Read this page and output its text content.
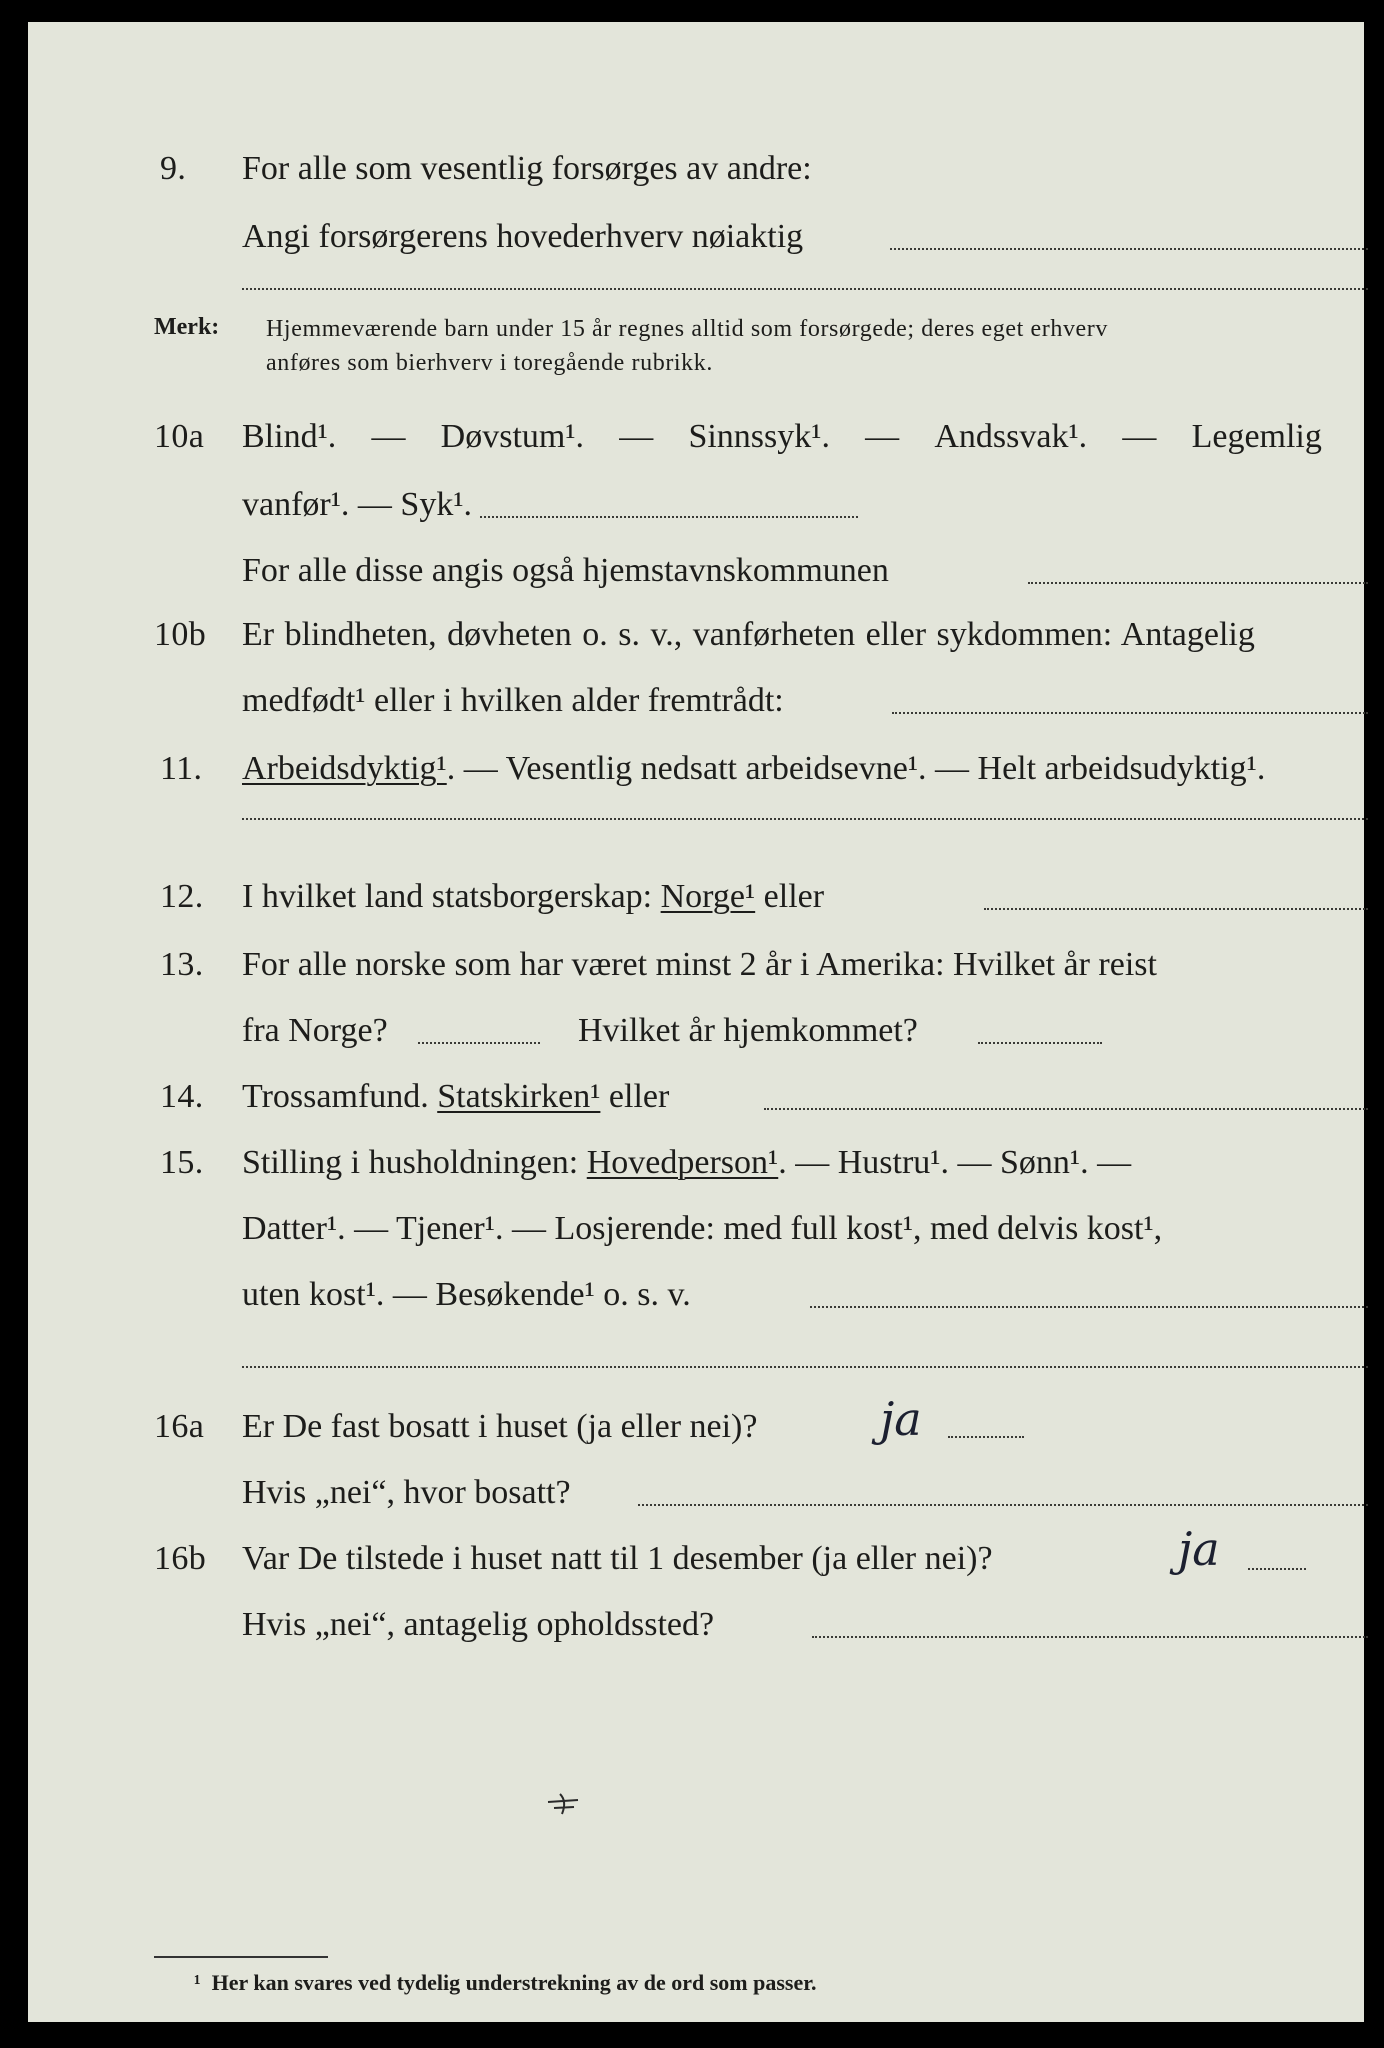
9. For alle som vesentlig forsørges av andre:
Angi forsørgerens hovederhverv nøiaktig
Merk: Hjemmeværende barn under 15 år regnes alltid som forsørgede; deres eget erhverv
anføres som bierhverv i toregående rubrikk.
10a Blind¹. — Døvstum¹. — Sinnssyk¹. — Andssvak¹. — Legemlig
vanfør¹. — Syk¹.
For alle disse angis også hjemstavnskommunen
10b Er blindheten, døvheten o. s. v., vanførheten eller sykdommen: Antagelig
medfødt¹ eller i hvilken alder fremtrådt:
11. Arbeidsdyktig¹. — Vesentlig nedsatt arbeidsevne¹. — Helt arbeidsudyktig¹.
12. I hvilket land statsborgerskap: Norge¹ eller
13. For alle norske som har været minst 2 år i Amerika: Hvilket år reist
fra Norge?	Hvilket år hjemkommet?
14. Trossamfund. Statskirken¹ eller
15. Stilling i husholdningen: Hovedperson¹. — Hustru¹. — Sønn¹. —
Datter¹. — Tjener¹. — Losjerende: med full kost¹, med delvis kost¹,
uten kost¹. — Besøkende¹ o. s. v.
16a Er De fast bosatt i huset (ja eller nei)?	ja
Hvis „nei“, hvor bosatt?
16b Var De tilstede i huset natt til 1 desember (ja eller nei)?	ja
Hvis „nei“, antagelig opholdssted?
¹ Her kan svares ved tydelig understrekning av de ord som passer.
